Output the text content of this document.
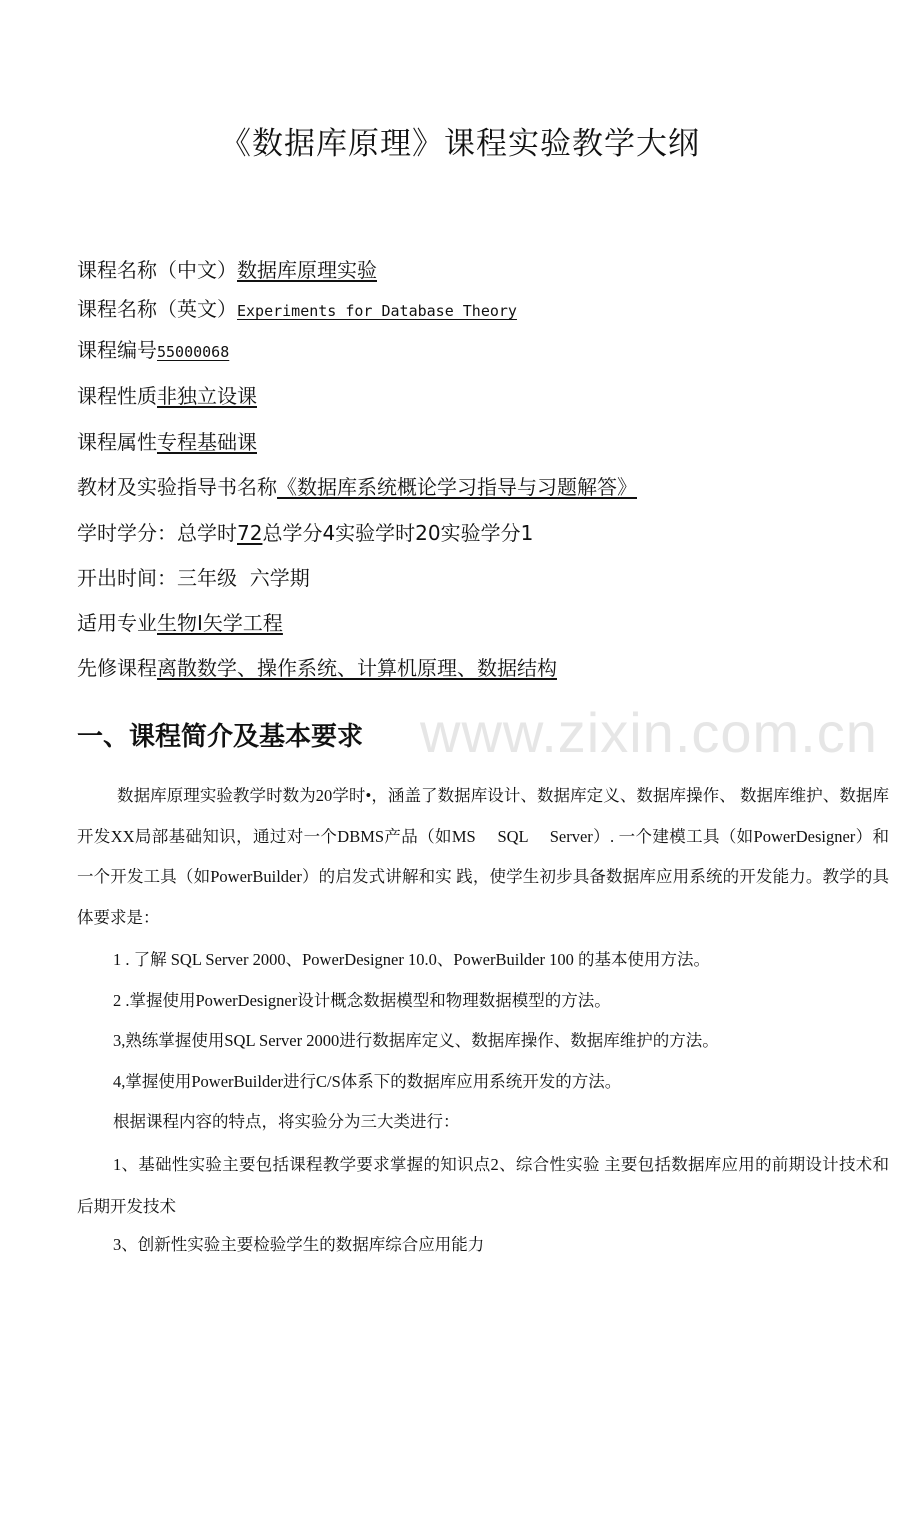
www.zixin.com.cn
《数据库原理》课程实验教学大纲
课程名称（中文）数据库原理实验
课程名称（英文）Experiments for Database Theory
课程编号55000068
课程性质非独立设课
课程属性专程基础课
教材及实验指导书名称《数据库系统概论学习指导与习题解答》
学时学分：总学时72总学分4实验学时20实验学分1
开出时间：三年级  六学期
适用专业生物I矢学工程
先修课程离散数学、操作系统、计算机原理、数据结构
一、课程简介及基本要求
数据库原理实验教学时数为20学时•，涵盖了数据库设计、数据库定义、数据库操作、 数据库维护、数据库开发XX局部基础知识，通过对一个DBMS产品（如MS　 SQL　 Server）. 一个建模工具（如PowerDesigner）和一个开发工具（如PowerBuilder）的启发式讲解和实 践，使学生初步具备数据库应用系统的开发能力。教学的具体要求是：
1 . 了解 SQL Server 2000、PowerDesigner 10.0、PowerBuilder 100 的基本使用方法。
2 .掌握使用PowerDesigner设计概念数据模型和物理数据模型的方法。
3,熟练掌握使用SQL Server 2000进行数据库定义、数据库操作、数据库维护的方法。
4,掌握使用PowerBuilder进行C/S体系下的数据库应用系统开发的方法。
根据课程内容的特点，将实验分为三大类进行：
1、基础性实验主要包括课程教学要求掌握的知识点2、综合性实验 主要包括数据库应用的前期设计技术和后期开发技术
3、创新性实验主要检验学生的数据库综合应用能力
